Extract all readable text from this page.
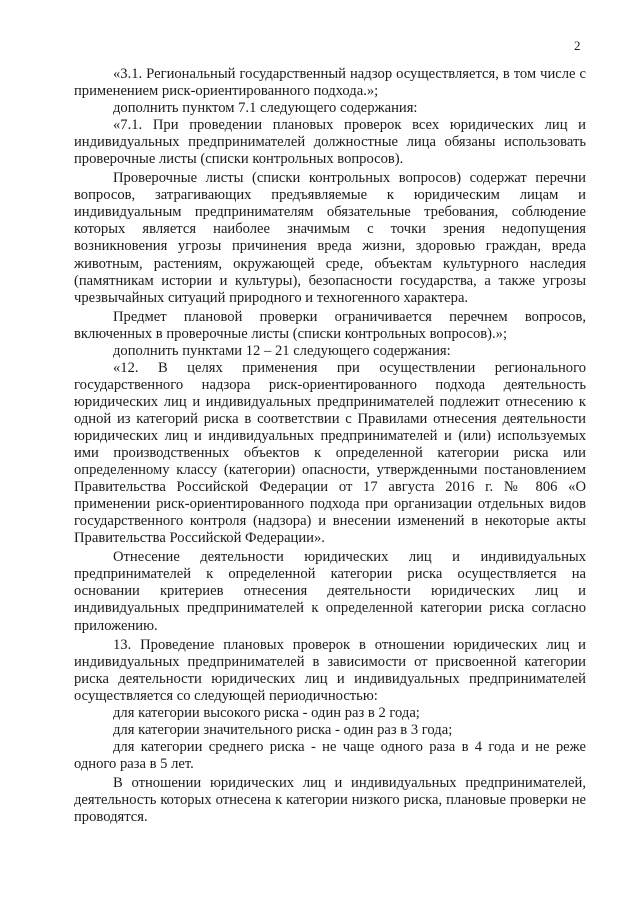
2

«3.1. Региональный государственный надзор осуществляется, в том числе с применением риск-ориентированного подхода.»;

дополнить пунктом 7.1 следующего содержания:

«7.1. При проведении плановых проверок всех юридических лиц и индивидуальных предпринимателей должностные лица обязаны использовать проверочные листы (списки контрольных вопросов).

Проверочные листы (списки контрольных вопросов) содержат перечни вопросов, затрагивающих предъявляемые к юридическим лицам и индивидуальным предпринимателям обязательные требования, соблюдение которых является наиболее значимым с точки зрения недопущения возникновения угрозы причинения вреда жизни, здоровью граждан, вреда животным, растениям, окружающей среде, объектам культурного наследия (памятникам истории и культуры), безопасности государства, а также угрозы чрезвычайных ситуаций природного и техногенного характера.

Предмет плановой проверки ограничивается перечнем вопросов, включенных в проверочные листы (списки контрольных вопросов).»;

дополнить пунктами 12 – 21 следующего содержания:

«12. В целях применения при осуществлении регионального государственного надзора риск-ориентированного подхода деятельность юридических лиц и индивидуальных предпринимателей подлежит отнесению к одной из категорий риска в соответствии с Правилами отнесения деятельности юридических лиц и индивидуальных предпринимателей и (или) используемых ими производственных объектов к определенной категории риска или определенному классу (категории) опасности, утвержденными постановлением Правительства Российской Федерации от 17 августа 2016 г. № 806 «О применении риск-ориентированного подхода при организации отдельных видов государственного контроля (надзора) и внесении изменений в некоторые акты Правительства Российской Федерации».

Отнесение деятельности юридических лиц и индивидуальных предпринимателей к определенной категории риска осуществляется на основании критериев отнесения деятельности юридических лиц и индивидуальных предпринимателей к определенной категории риска согласно приложению.

13. Проведение плановых проверок в отношении юридических лиц и индивидуальных предпринимателей в зависимости от присвоенной категории риска деятельности юридических лиц и индивидуальных предпринимателей осуществляется со следующей периодичностью:

для категории высокого риска - один раз в 2 года;

для категории значительного риска - один раз в 3 года;

для категории среднего риска - не чаще одного раза в 4 года и не реже одного раза в 5 лет.

В отношении юридических лиц и индивидуальных предпринимателей, деятельность которых отнесена к категории низкого риска, плановые проверки не проводятся.
